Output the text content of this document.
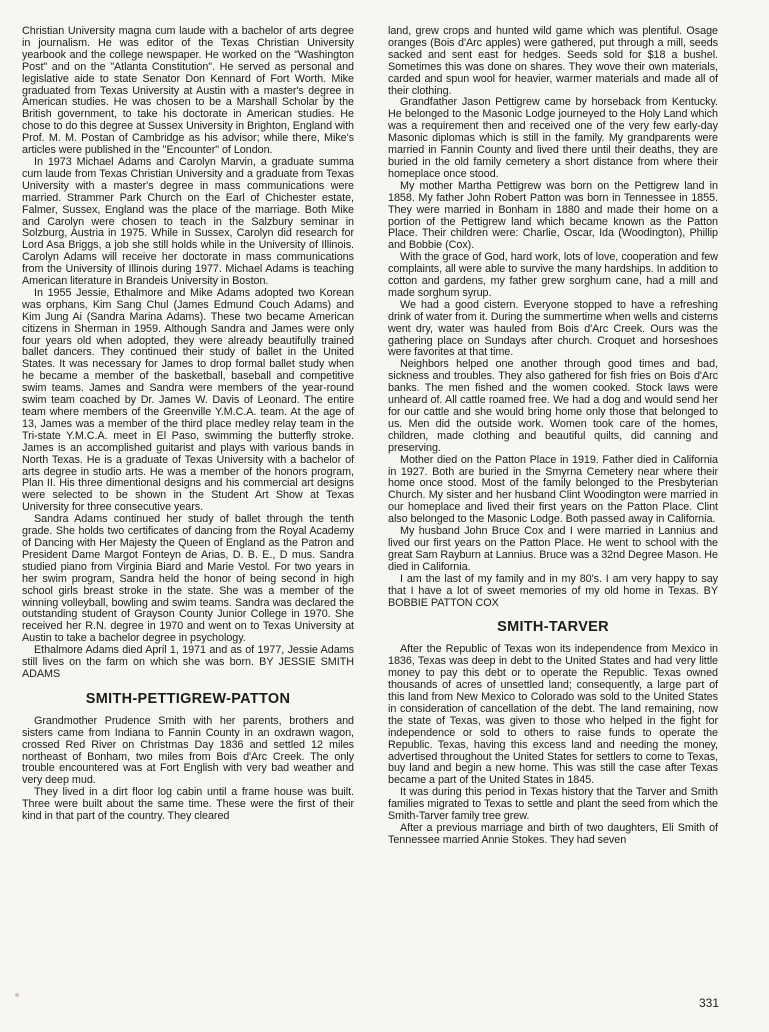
Christian University magna cum laude with a bachelor of arts degree in journalism. He was editor of the Texas Christian University yearbook and the college newspaper. He worked on the "Washington Post" and on the "Atlanta Constitution". He served as personal and legislative aide to state Senator Don Kennard of Fort Worth. Mike graduated from Texas University at Austin with a master's degree in American studies. He was chosen to be a Marshall Scholar by the British government, to take his doctorate in American studies. He chose to do this degree at Sussex University in Brighton, England with Prof. M. M. Postan of Cambridge as his advisor; while there, Mike's articles were published in the "Encounter" of London.

In 1973 Michael Adams and Carolyn Marvin, a graduate summa cum laude from Texas Christian University and a graduate from Texas University with a master's degree in mass communications were married. Strammer Park Church on the Earl of Chichester estate, Falmer, Sussex, England was the place of the marriage. Both Mike and Carolyn were chosen to teach in the Salzbury seminar in Solzburg, Austria in 1975. While in Sussex, Carolyn did research for Lord Asa Briggs, a job she still holds while in the University of Illinois. Carolyn Adams will receive her doctorate in mass communications from the University of Illinois during 1977. Michael Adams is teaching American literature in Brandeis University in Boston.

In 1955 Jessie, Ethalmore and Mike Adams adopted two Korean was orphans, Kim Sang Chul (James Edmund Couch Adams) and Kim Jung Ai (Sandra Marina Adams). These two became American citizens in Sherman in 1959. Although Sandra and James were only four years old when adopted, they were already beautifully trained ballet dancers. They continued their study of ballet in the United States. It was necessary for James to drop formal ballet study when he became a member of the basketball, baseball and competitive swim teams. James and Sandra were members of the year-round swim team coached by Dr. James W. Davis of Leonard. The entire team where members of the Greenville Y.M.C.A. team. At the age of 13, James was a member of the third place medley relay team in the Tri-state Y.M.C.A. meet in El Paso, swimming the butterfly stroke. James is an accomplished guitarist and plays with various bands in North Texas. He is a graduate of Texas University with a bachelor of arts degree in studio arts. He was a member of the honors program, Plan II. His three dimentional designs and his commercial art designs were selected to be shown in the Student Art Show at Texas University for three consecutive years.

Sandra Adams continued her study of ballet through the tenth grade. She holds two certificates of dancing from the Royal Academy of Dancing with Her Majesty the Queen of England as the Patron and President Dame Margot Fonteyn de Arias, D. B. E., D mus. Sandra studied piano from Virginia Biard and Marie Vestol. For two years in her swim program, Sandra held the honor of being second in high school girls breast stroke in the state. She was a member of the winning volleyball, bowling and swim teams. Sandra was declared the outstanding student of Grayson County Junior College in 1970. She received her R.N. degree in 1970 and went on to Texas University at Austin to take a bachelor degree in psychology.

Ethalmore Adams died April 1, 1971 and as of 1977, Jessie Adams still lives on the farm on which she was born. BY JESSIE SMITH ADAMS

SMITH-PETTIGREW-PATTON

Grandmother Prudence Smith with her parents, brothers and sisters came from Indiana to Fannin County in an oxdrawn wagon, crossed Red River on Christmas Day 1836 and settled 12 miles northeast of Bonham, two miles from Bois d'Arc Creek. The only trouble encountered was at Fort English with very bad weather and very deep mud.

They lived in a dirt floor log cabin until a frame house was built. Three were built about the same time. These were the first of their kind in that part of the country. They cleared

land, grew crops and hunted wild game which was plentiful. Osage oranges (Bois d'Arc apples) were gathered, put through a mill, seeds sacked and sent east for hedges. Seeds sold for $18 a bushel. Sometimes this was done on shares. They wove their own materials, carded and spun wool for heavier, warmer materials and made all of their clothing.

Grandfather Jason Pettigrew came by horseback from Kentucky. He belonged to the Masonic Lodge journeyed to the Holy Land which was a requirement then and received one of the very few early-day Masonic diplomas which is still in the family. My grandparents were married in Fannin County and lived there until their deaths, they are buried in the old family cemetery a short distance from where their homeplace once stood.

My mother Martha Pettigrew was born on the Pettigrew land in 1858. My father John Robert Patton was born in Tennessee in 1855. They were married in Bonham in 1880 and made their home on a portion of the Pettigrew land which became known as the Patton Place. Their children were: Charlie, Oscar, Ida (Woodington), Phillip and Bobbie (Cox).

With the grace of God, hard work, lots of love, cooperation and few complaints, all were able to survive the many hardships. In addition to cotton and gardens, my father grew sorghum cane, had a mill and made sorghum syrup.

We had a good cistern. Everyone stopped to have a refreshing drink of water from it. During the summertime when wells and cisterns went dry, water was hauled from Bois d'Arc Creek. Ours was the gathering place on Sundays after church. Croquet and horseshoes were favorites at that time.

Neighbors helped one another through good times and bad, sickness and troubles. They also gathered for fish fries on Bois d'Arc banks. The men fished and the women cooked. Stock laws were unheard of. All cattle roamed free. We had a dog and would send her for our cattle and she would bring home only those that belonged to us. Men did the outside work. Women took care of the homes, children, made clothing and beautiful quilts, did canning and preserving.

Mother died on the Patton Place in 1919. Father died in California in 1927. Both are buried in the Smyrna Cemetery near where their home once stood. Most of the family belonged to the Presbyterian Church. My sister and her husband Clint Woodington were married in our homeplace and lived their first years on the Patton Place. Clint also belonged to the Masonic Lodge. Both passed away in California.

My husband John Bruce Cox and I were married in Lannius and lived our first years on the Patton Place. He went to school with the great Sam Rayburn at Lannius. Bruce was a 32nd Degree Mason. He died in California.

I am the last of my family and in my 80's. I am very happy to say that I have a lot of sweet memories of my old home in Texas. BY BOBBIE PATTON COX

SMITH-TARVER

After the Republic of Texas won its independence from Mexico in 1836, Texas was deep in debt to the United States and had very little money to pay this debt or to operate the Republic. Texas owned thousands of acres of unsettled land; consequently, a large part of this land from New Mexico to Colorado was sold to the United States in consideration of cancellation of the debt. The land remaining, now the state of Texas, was given to those who helped in the fight for independence or sold to others to raise funds to operate the Republic. Texas, having this excess land and needing the money, advertised throughout the United States for settlers to come to Texas, buy land and begin a new home. This was still the case after Texas became a part of the United States in 1845.

It was during this period in Texas history that the Tarver and Smith families migrated to Texas to settle and plant the seed from which the Smith-Tarver family tree grew.

After a previous marriage and birth of two daughters, Eli Smith of Tennessee married Annie Stokes. They had seven

331
